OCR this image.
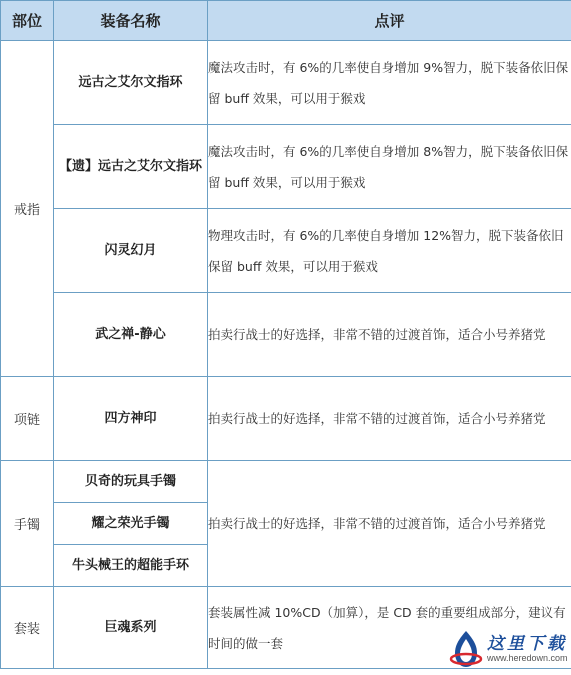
部位	装备名称	点评
戒指	远古之艾尔文指环	魔法攻击时，有 6%的几率使自身增加 9%智力，脱下装备依旧保留 buff 效果，可以用于猴戏
	【遗】远古之艾尔文指环	魔法攻击时，有 6%的几率使自身增加 8%智力，脱下装备依旧保留 buff 效果，可以用于猴戏
	闪灵幻月	物理攻击时，有 6%的几率使自身增加 12%智力，脱下装备依旧保留 buff 效果，可以用于猴戏
	武之禅-静心	拍卖行战士的好选择，非常不错的过渡首饰，适合小号养猪党
项链	四方神印	拍卖行战士的好选择，非常不错的过渡首饰，适合小号养猪党
手镯	贝奇的玩具手镯	拍卖行战士的好选择，非常不错的过渡首饰，适合小号养猪党
	耀之荣光手镯	
	牛头械王的超能手环	
套装	巨魂系列	套装属性减 10%CD（加算），是 CD 套的重要组成部分，建议有时间的做一套	这里下载
www.heredown.com
